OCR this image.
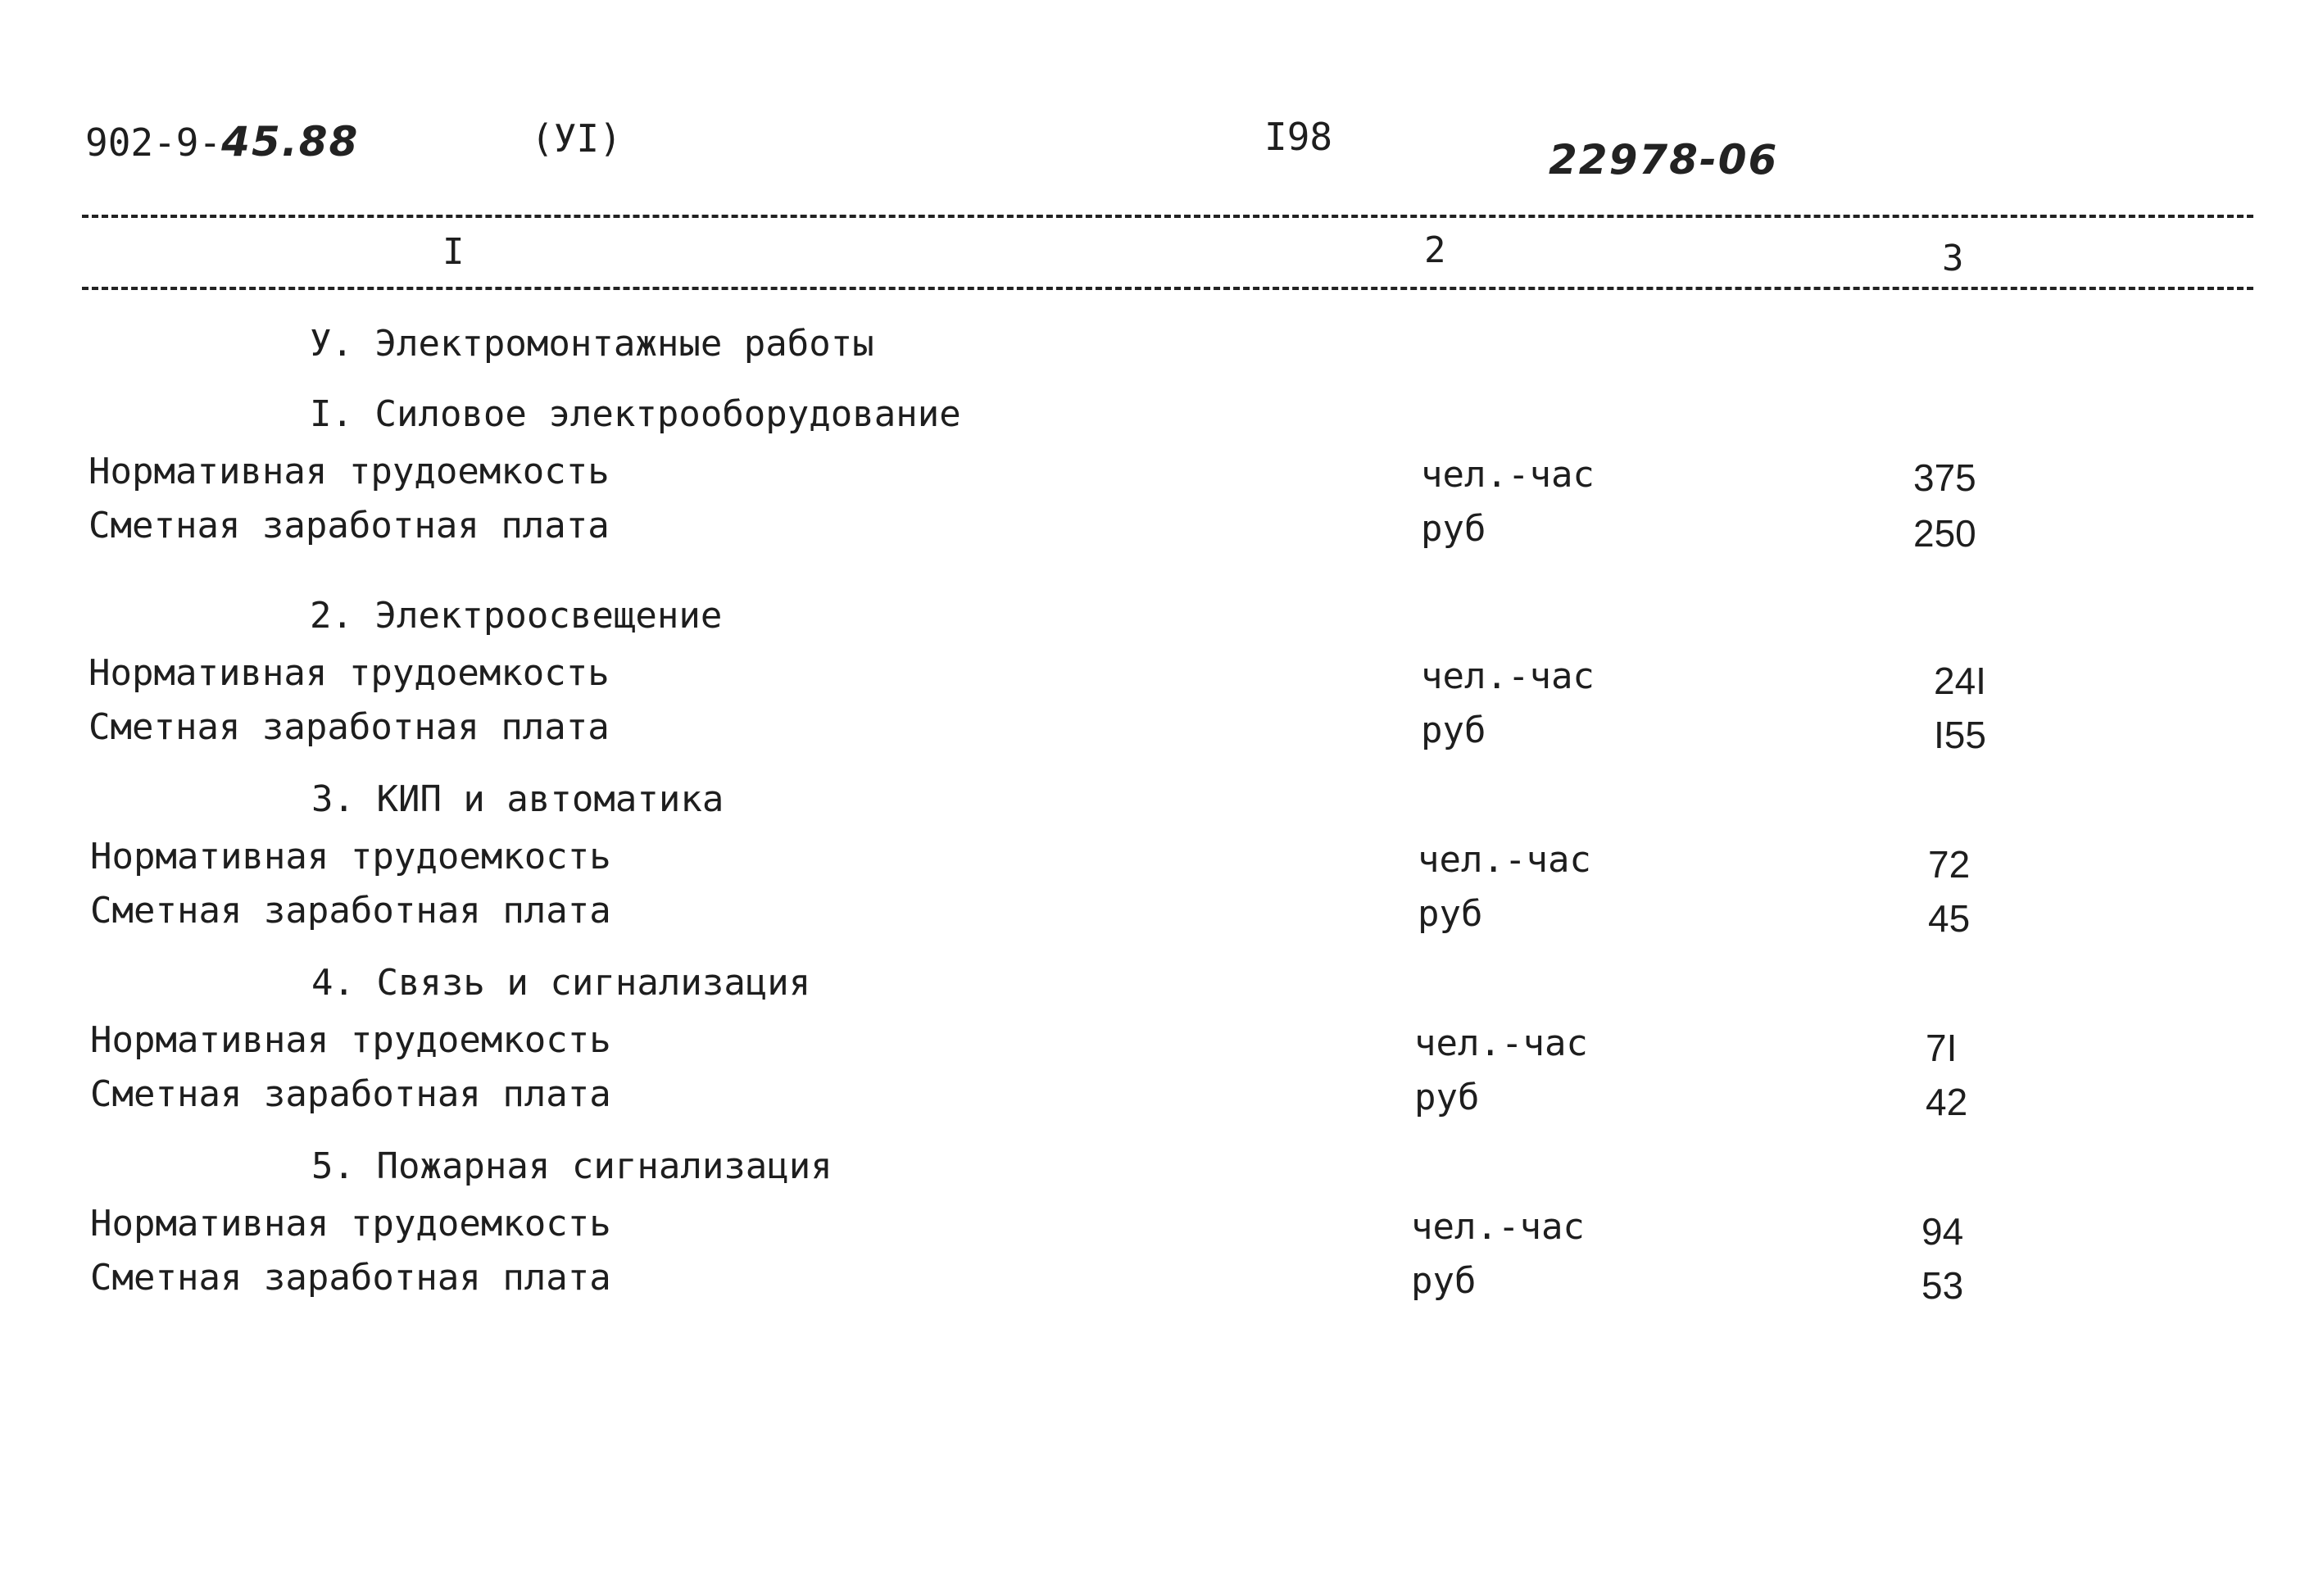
902-9-45.88	(УI)	I98	22978-06
I	2	3
У. Электромонтажные работы
I. Силовое электрооборудование
Нормативная трудоемкость	чел.-час	375
Сметная заработная плата	руб	250
2. Электроосвещение
Нормативная трудоемкость	чел.-час	24I
Сметная заработная плата	руб	I55
3. КИП и автоматика
Нормативная трудоемкость	чел.-час	72
Сметная заработная плата	руб	45
4. Связь и сигнализация
Нормативная трудоемкость	чел.-час	7I
Сметная заработная плата	руб	42
5. Пожарная сигнализация
Нормативная трудоемкость	чел.-час	94
Сметная заработная плата	руб	53
